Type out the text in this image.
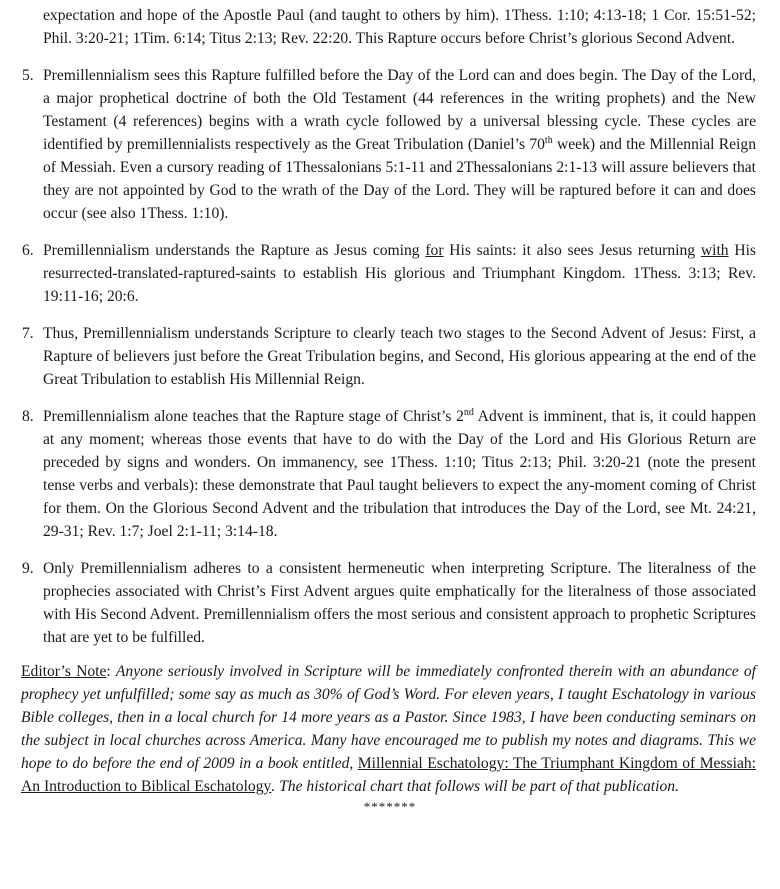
expectation and hope of the Apostle Paul (and taught to others by him). 1Thess. 1:10; 4:13-18; 1 Cor. 15:51-52; Phil. 3:20-21; 1Tim. 6:14; Titus 2:13; Rev. 22:20. This Rapture occurs before Christ’s glorious Second Advent.

5. Premillennialism sees this Rapture fulfilled before the Day of the Lord can and does begin. The Day of the Lord, a major prophetical doctrine of both the Old Testament (44 references in the writing prophets) and the New Testament (4 references) begins with a wrath cycle followed by a universal blessing cycle. These cycles are identified by premillennialists respectively as the Great Tribulation (Daniel’s 70th week) and the Millennial Reign of Messiah. Even a cursory reading of 1Thessalonians 5:1-11 and 2Thessalonians 2:1-13 will assure believers that they are not appointed by God to the wrath of the Day of the Lord. They will be raptured before it can and does occur (see also 1Thess. 1:10).
6. Premillennialism understands the Rapture as Jesus coming for His saints: it also sees Jesus returning with His resurrected-translated-raptured-saints to establish His glorious and Triumphant Kingdom. 1Thess. 3:13; Rev. 19:11-16; 20:6.
7. Thus, Premillennialism understands Scripture to clearly teach two stages to the Second Advent of Jesus: First, a Rapture of believers just before the Great Tribulation begins, and Second, His glorious appearing at the end of the Great Tribulation to establish His Millennial Reign.
8. Premillennialism alone teaches that the Rapture stage of Christ’s 2nd Advent is imminent, that is, it could happen at any moment; whereas those events that have to do with the Day of the Lord and His Glorious Return are preceded by signs and wonders. On immanency, see 1Thess. 1:10; Titus 2:13; Phil. 3:20-21 (note the present tense verbs and verbals): these demonstrate that Paul taught believers to expect the any-moment coming of Christ for them. On the Glorious Second Advent and the tribulation that introduces the Day of the Lord, see Mt. 24:21, 29-31; Rev. 1:7; Joel 2:1-11; 3:14-18.
9. Only Premillennialism adheres to a consistent hermeneutic when interpreting Scripture. The literalness of the prophecies associated with Christ’s First Advent argues quite emphatically for the literalness of those associated with His Second Advent. Premillennialism offers the most serious and consistent approach to prophetic Scriptures that are yet to be fulfilled.

Editor’s Note: Anyone seriously involved in Scripture will be immediately confronted therein with an abundance of prophecy yet unfulfilled; some say as much as 30% of God’s Word. For eleven years, I taught Eschatology in various Bible colleges, then in a local church for 14 more years as a Pastor. Since 1983, I have been conducting seminars on the subject in local churches across America. Many have encouraged me to publish my notes and diagrams. This we hope to do before the end of 2009 in a book entitled, Millennial Eschatology: The Triumphant Kingdom of Messiah: An Introduction to Biblical Eschatology. The historical chart that follows will be part of that publication.

*******
